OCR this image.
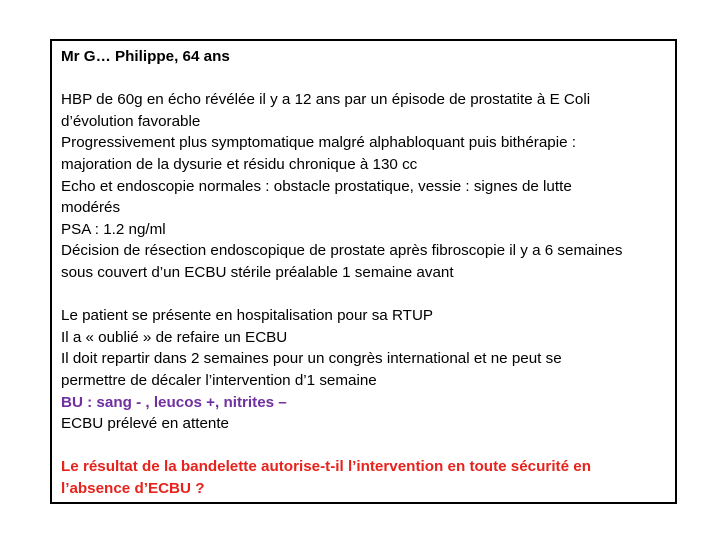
Mr G… Philippe, 64 ans
HBP de 60g en écho révélée il y a 12 ans par un épisode de prostatite à E Coli
d’évolution favorable
Progressivement plus symptomatique malgré alphabloquant puis bithérapie :
majoration de la dysurie et résidu chronique à 130 cc
Echo et endoscopie normales : obstacle prostatique, vessie : signes de lutte
modérés
PSA : 1.2 ng/ml
Décision de résection endoscopique de prostate après fibroscopie il y a 6 semaines
sous couvert d’un ECBU stérile préalable 1 semaine avant
Le patient se présente en hospitalisation pour sa RTUP
Il a « oublié » de refaire un ECBU
Il doit repartir dans 2 semaines pour un congrès international et ne peut se
permettre de décaler l’intervention d’1 semaine
BU : sang - , leucos +, nitrites –
ECBU prélevé en attente
Le résultat de la bandelette autorise-t-il l’intervention en toute sécurité en
l’absence d’ECBU ?
